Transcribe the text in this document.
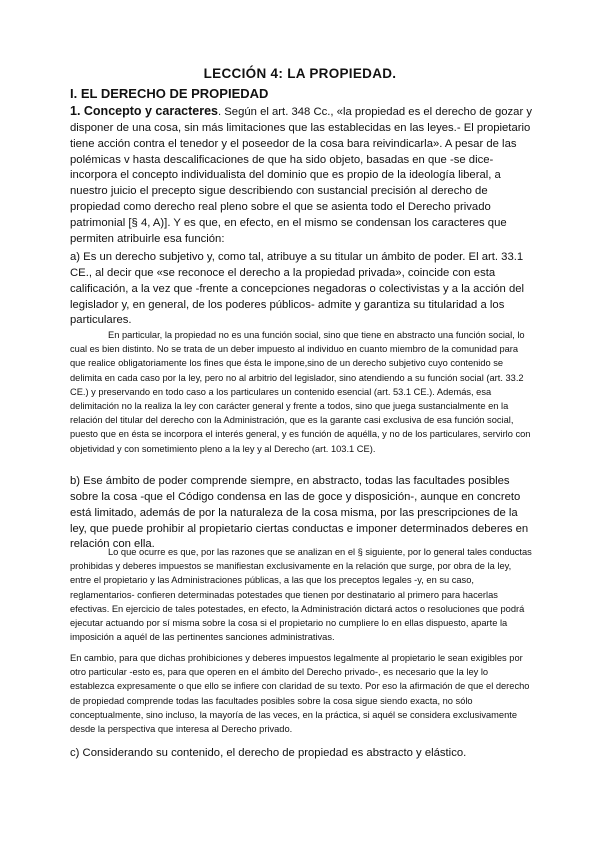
LECCIÓN 4: LA PROPIEDAD.
I. EL DERECHO DE PROPIEDAD

1. Concepto y caracteres. Según el art. 348 Cc., «la propiedad es el derecho de gozar y disponer de una cosa, sin más limitaciones que las establecidas en las leyes.- El propietario tiene acción contra el tenedor y el poseedor de la cosa bara reivindicarla». A pesar de las polémicas v hasta descalificaciones de que ha sido objeto, basadas en que -se dice- incorpora el concepto individualista del dominio que es propio de la ideología liberal, a nuestro juicio el precepto sigue describiendo con sustancial precisión al derecho de propiedad como derecho real pleno sobre el que se asienta todo el Derecho privado patrimonial [§ 4, A)]. Y es que, en efecto, en el mismo se condensan los caracteres que permiten atribuirle esa función:

a) Es un derecho subjetivo y, como tal, atribuye a su titular un ámbito de poder. El art. 33.1 CE., al decir que «se reconoce el derecho a la propiedad privada», coincide con esta calificación, a la vez que -frente a concepciones negadoras o colectivistas y a la acción del legislador y, en general, de los poderes públicos- admite y garantiza su titularidad a los particulares.

En particular, la propiedad no es una función social, sino que tiene en abstracto una función social, lo cual es bien distinto. No se trata de un deber impuesto al individuo en cuanto miembro de la comunidad para que realice obligatoriamente los fines que ésta le impone,sino de un derecho subjetivo cuyo contenido se delimita en cada caso por la ley, pero no al arbitrio del legislador, sino atendiendo a su función social (art. 33.2 CE.) y preservando en todo caso a los particulares un contenido esencial (art. 53.1 CE.). Además, esa delimitación no la realiza la ley con carácter general y frente a todos, sino que juega sustancialmente en la relación del titular del derecho con la Administración, que es la garante casi exclusiva de esa función social, puesto que en ésta se incorpora el interés general, y es función de aquélla, y no de los particulares, servirlo con objetividad y con sometimiento pleno a la ley y al Derecho (art. 103.1 CE).

b) Ese ámbito de poder comprende siempre, en abstracto, todas las facultades posibles sobre la cosa -que el Código condensa en las de goce y disposición-, aunque en concreto está limitado, además de por la naturaleza de la cosa misma, por las prescripciones de la ley, que puede prohibir al propietario ciertas conductas e imponer determinados deberes en relación con ella.

Lo que ocurre es que, por las razones que se analizan en el § siguiente, por lo general tales conductas prohibidas y deberes impuestos se manifiestan exclusivamente en la relación que surge, por obra de la ley, entre el propietario y las Administraciones públicas, a las que los preceptos legales -y, en su caso, reglamentarios- confieren determinadas potestades que tienen por destinatario al primero para hacerlas efectivas. En ejercicio de tales potestades, en efecto, la Administración dictará actos o resoluciones que podrá ejecutar actuando por sí misma sobre la cosa si el propietario no cumpliere lo en ellas dispuesto, aparte la imposición a aquél de las pertinentes sanciones administrativas.

En cambio, para que dichas prohibiciones y deberes impuestos legalmente al propietario le sean exigibles por otro particular -esto es, para que operen en el ámbito del Derecho privado-, es necesario que la ley lo establezca expresamente o que ello se infiere con claridad de su texto. Por eso la afirmación de que el derecho de propiedad comprende todas las facultades posibles sobre la cosa sigue siendo exacta, no sólo conceptualmente, sino incluso, la mayoría de las veces, en la práctica, si aquél se considera exclusivamente desde la perspectiva que interesa al Derecho privado.

c) Considerando su contenido, el derecho de propiedad es abstracto y elástico.
